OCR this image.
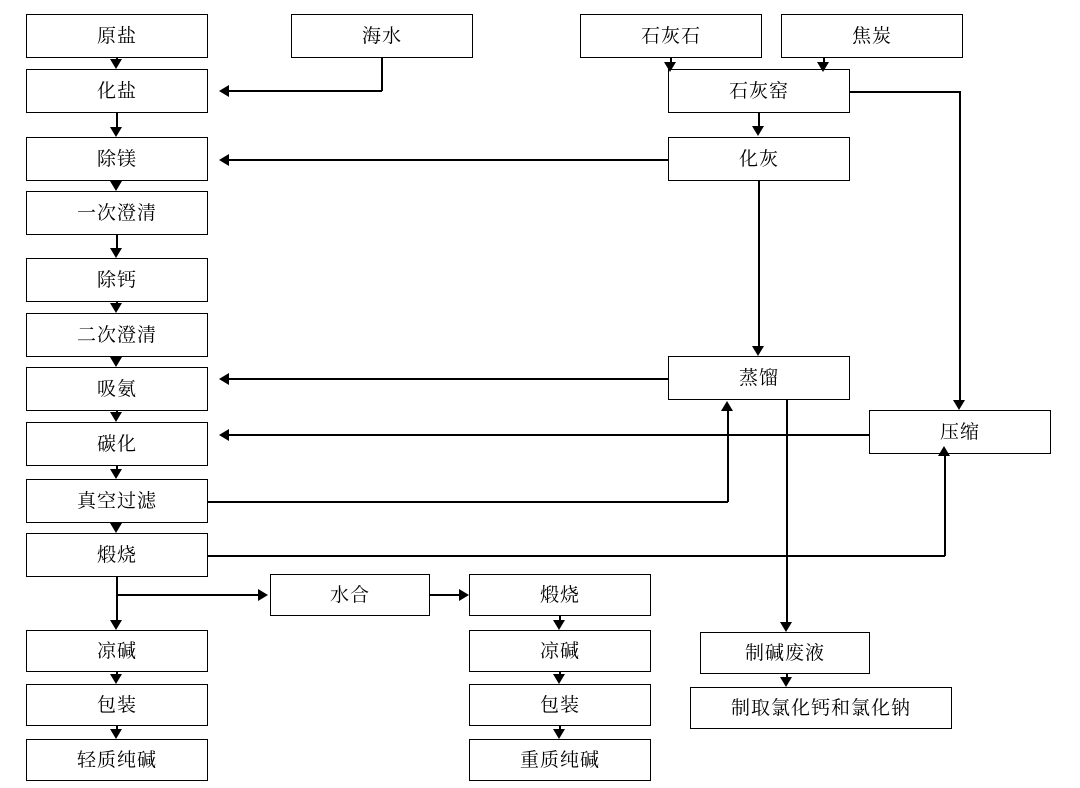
原盐	海水	石灰石	焦炭
化盐	石灰窑
除镁	化灰
一次澄清
除钙
二次澄清
吸氨
蒸馏
碳化
压缩
真空过滤
煅烧
水合	煅烧
制碱废液
凉碱	凉碱
制取氯化钙和氯化钠
包装	包装
轻质纯碱	重质纯碱
